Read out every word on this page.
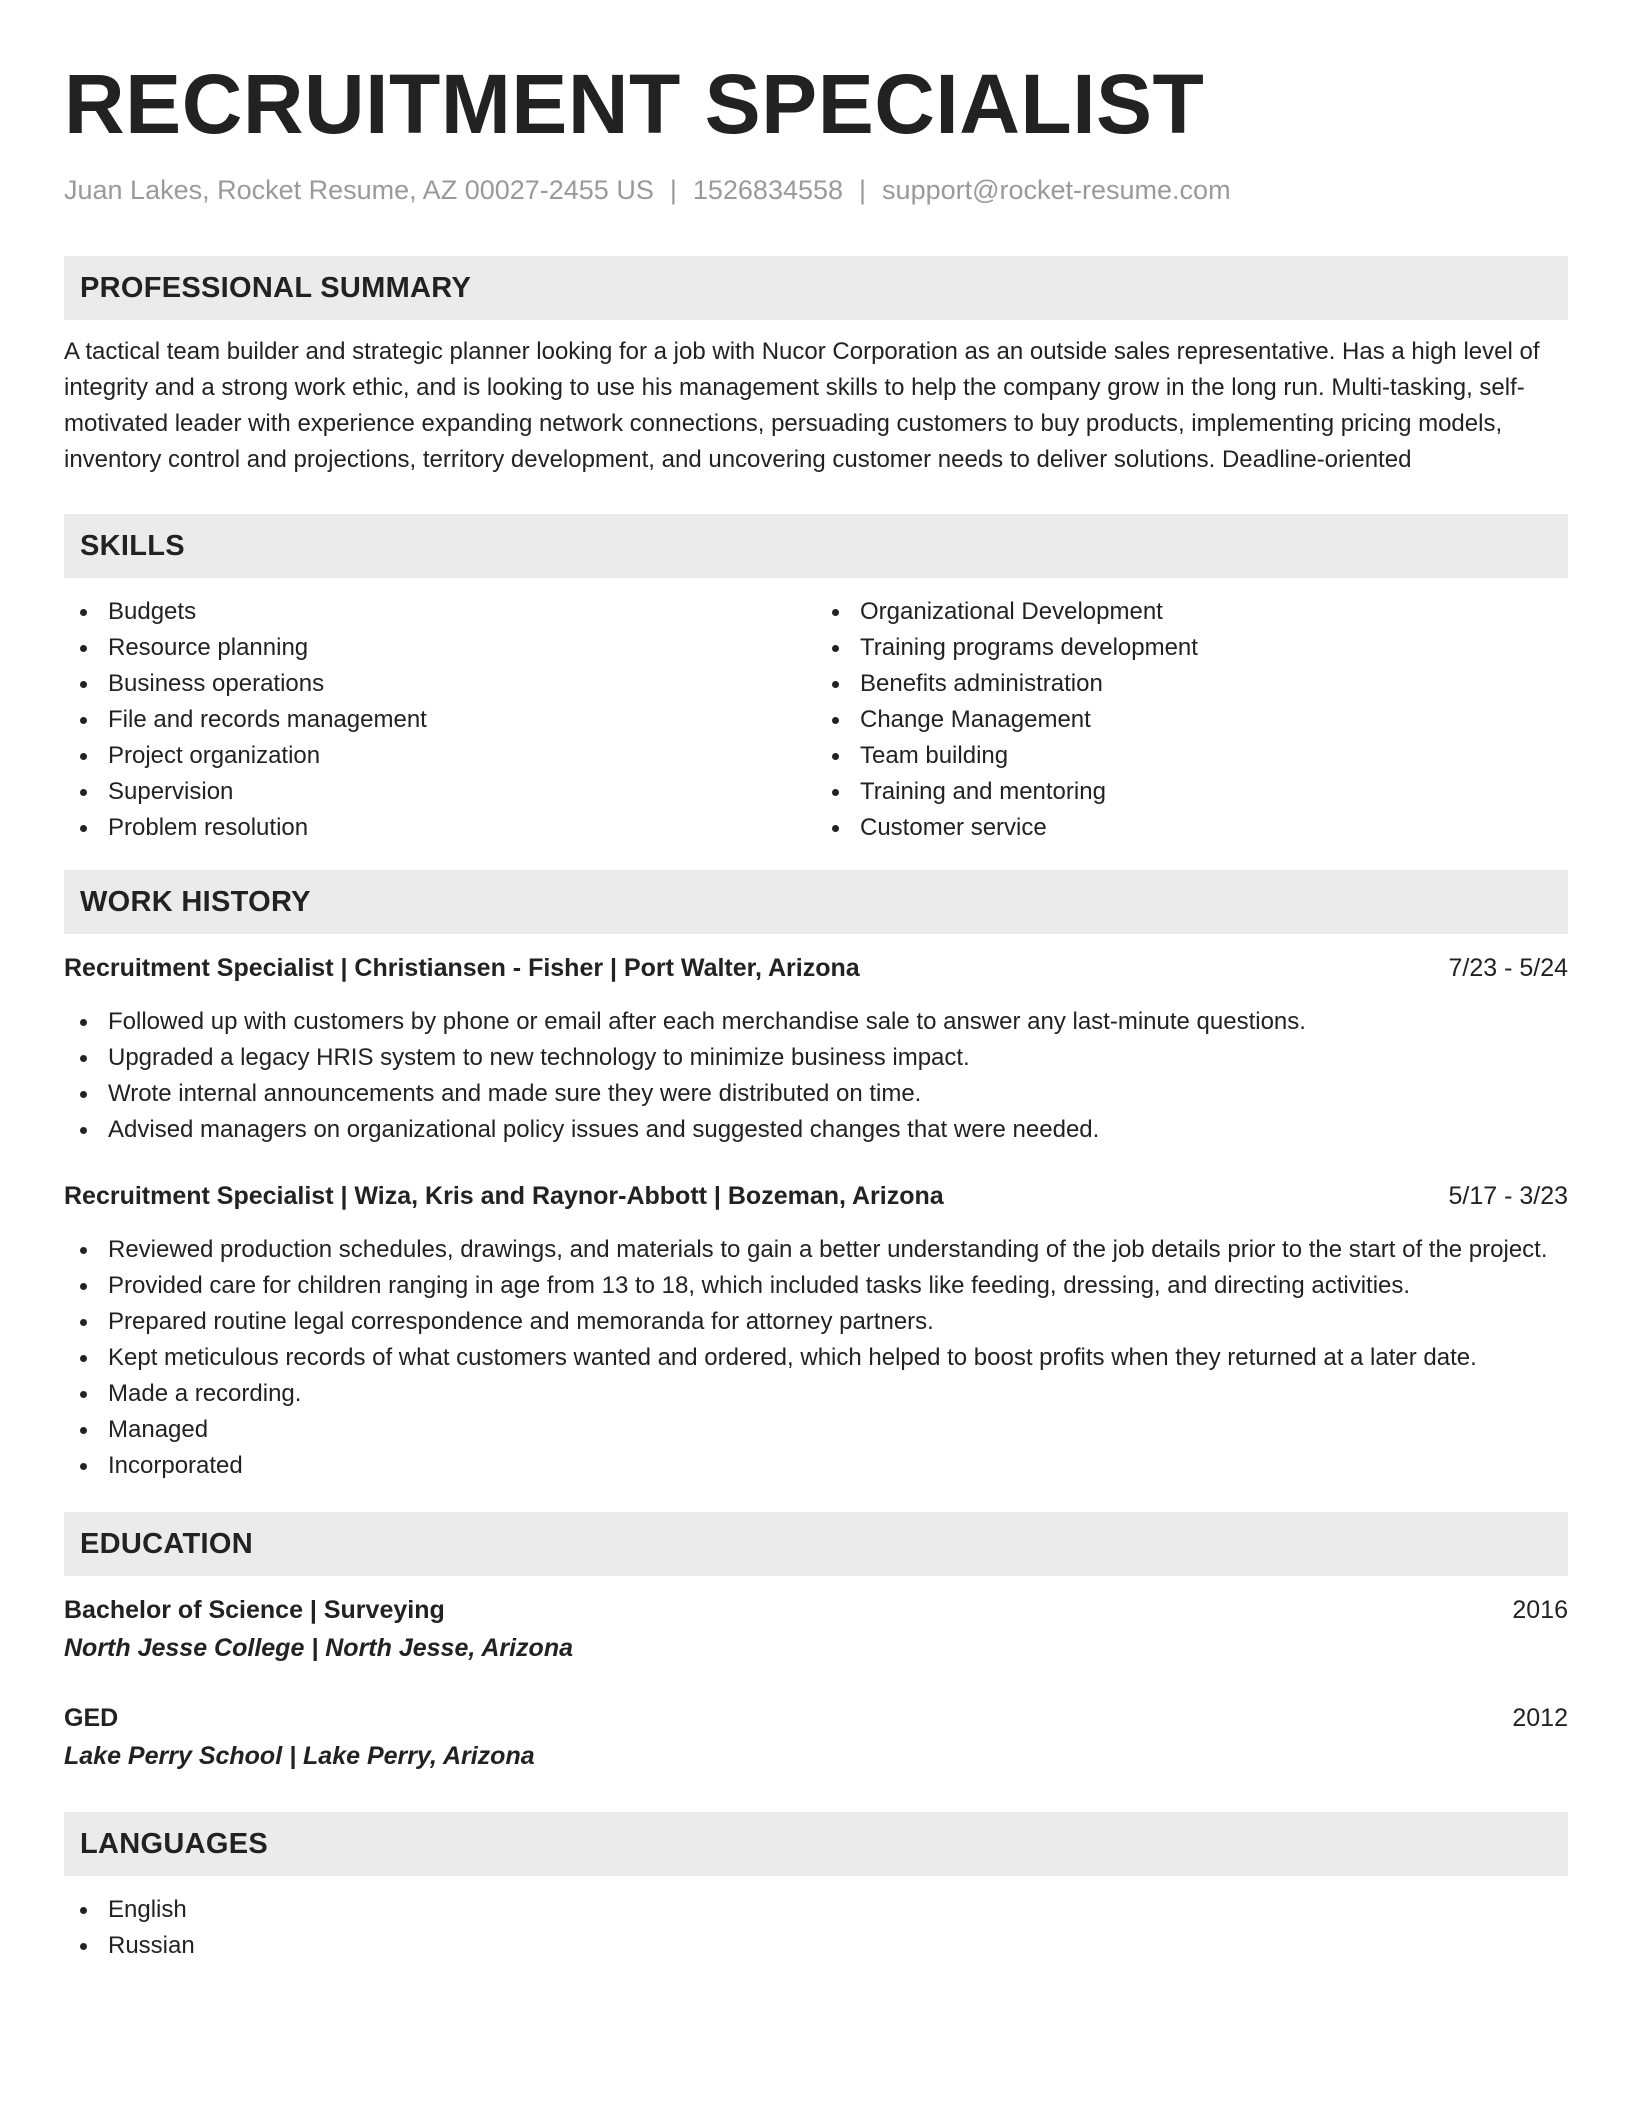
RECRUITMENT SPECIALIST
Juan Lakes, Rocket Resume, AZ 00027-2455 US | 1526834558 | support@rocket-resume.com
PROFESSIONAL SUMMARY

A tactical team builder and strategic planner looking for a job with Nucor Corporation as an outside sales representative. Has a high level of integrity and a strong work ethic, and is looking to use his management skills to help the company grow in the long run. Multi-tasking, self-motivated leader with experience expanding network connections, persuading customers to buy products, implementing pricing models, inventory control and projections, territory development, and uncovering customer needs to deliver solutions. Deadline-oriented

SKILLS
Budgets
Resource planning
Business operations
File and records management
Project organization
Supervision
Problem resolution
Organizational Development
Training programs development
Benefits administration
Change Management
Team building
Training and mentoring
Customer service
WORK HISTORY
Recruitment Specialist | Christiansen - Fisher | Port Walter, Arizona	7/23 - 5/24
Followed up with customers by phone or email after each merchandise sale to answer any last-minute questions.
Upgraded a legacy HRIS system to new technology to minimize business impact.
Wrote internal announcements and made sure they were distributed on time.
Advised managers on organizational policy issues and suggested changes that were needed.
Recruitment Specialist | Wiza, Kris and Raynor-Abbott | Bozeman, Arizona	5/17 - 3/23
Reviewed production schedules, drawings, and materials to gain a better understanding of the job details prior to the start of the project.
Provided care for children ranging in age from 13 to 18, which included tasks like feeding, dressing, and directing activities.
Prepared routine legal correspondence and memoranda for attorney partners.
Kept meticulous records of what customers wanted and ordered, which helped to boost profits when they returned at a later date.
Made a recording.
Managed
Incorporated
EDUCATION
Bachelor of Science | Surveying	2016
North Jesse College | North Jesse, Arizona
GED	2012
Lake Perry School | Lake Perry, Arizona
LANGUAGES
English
Russian
